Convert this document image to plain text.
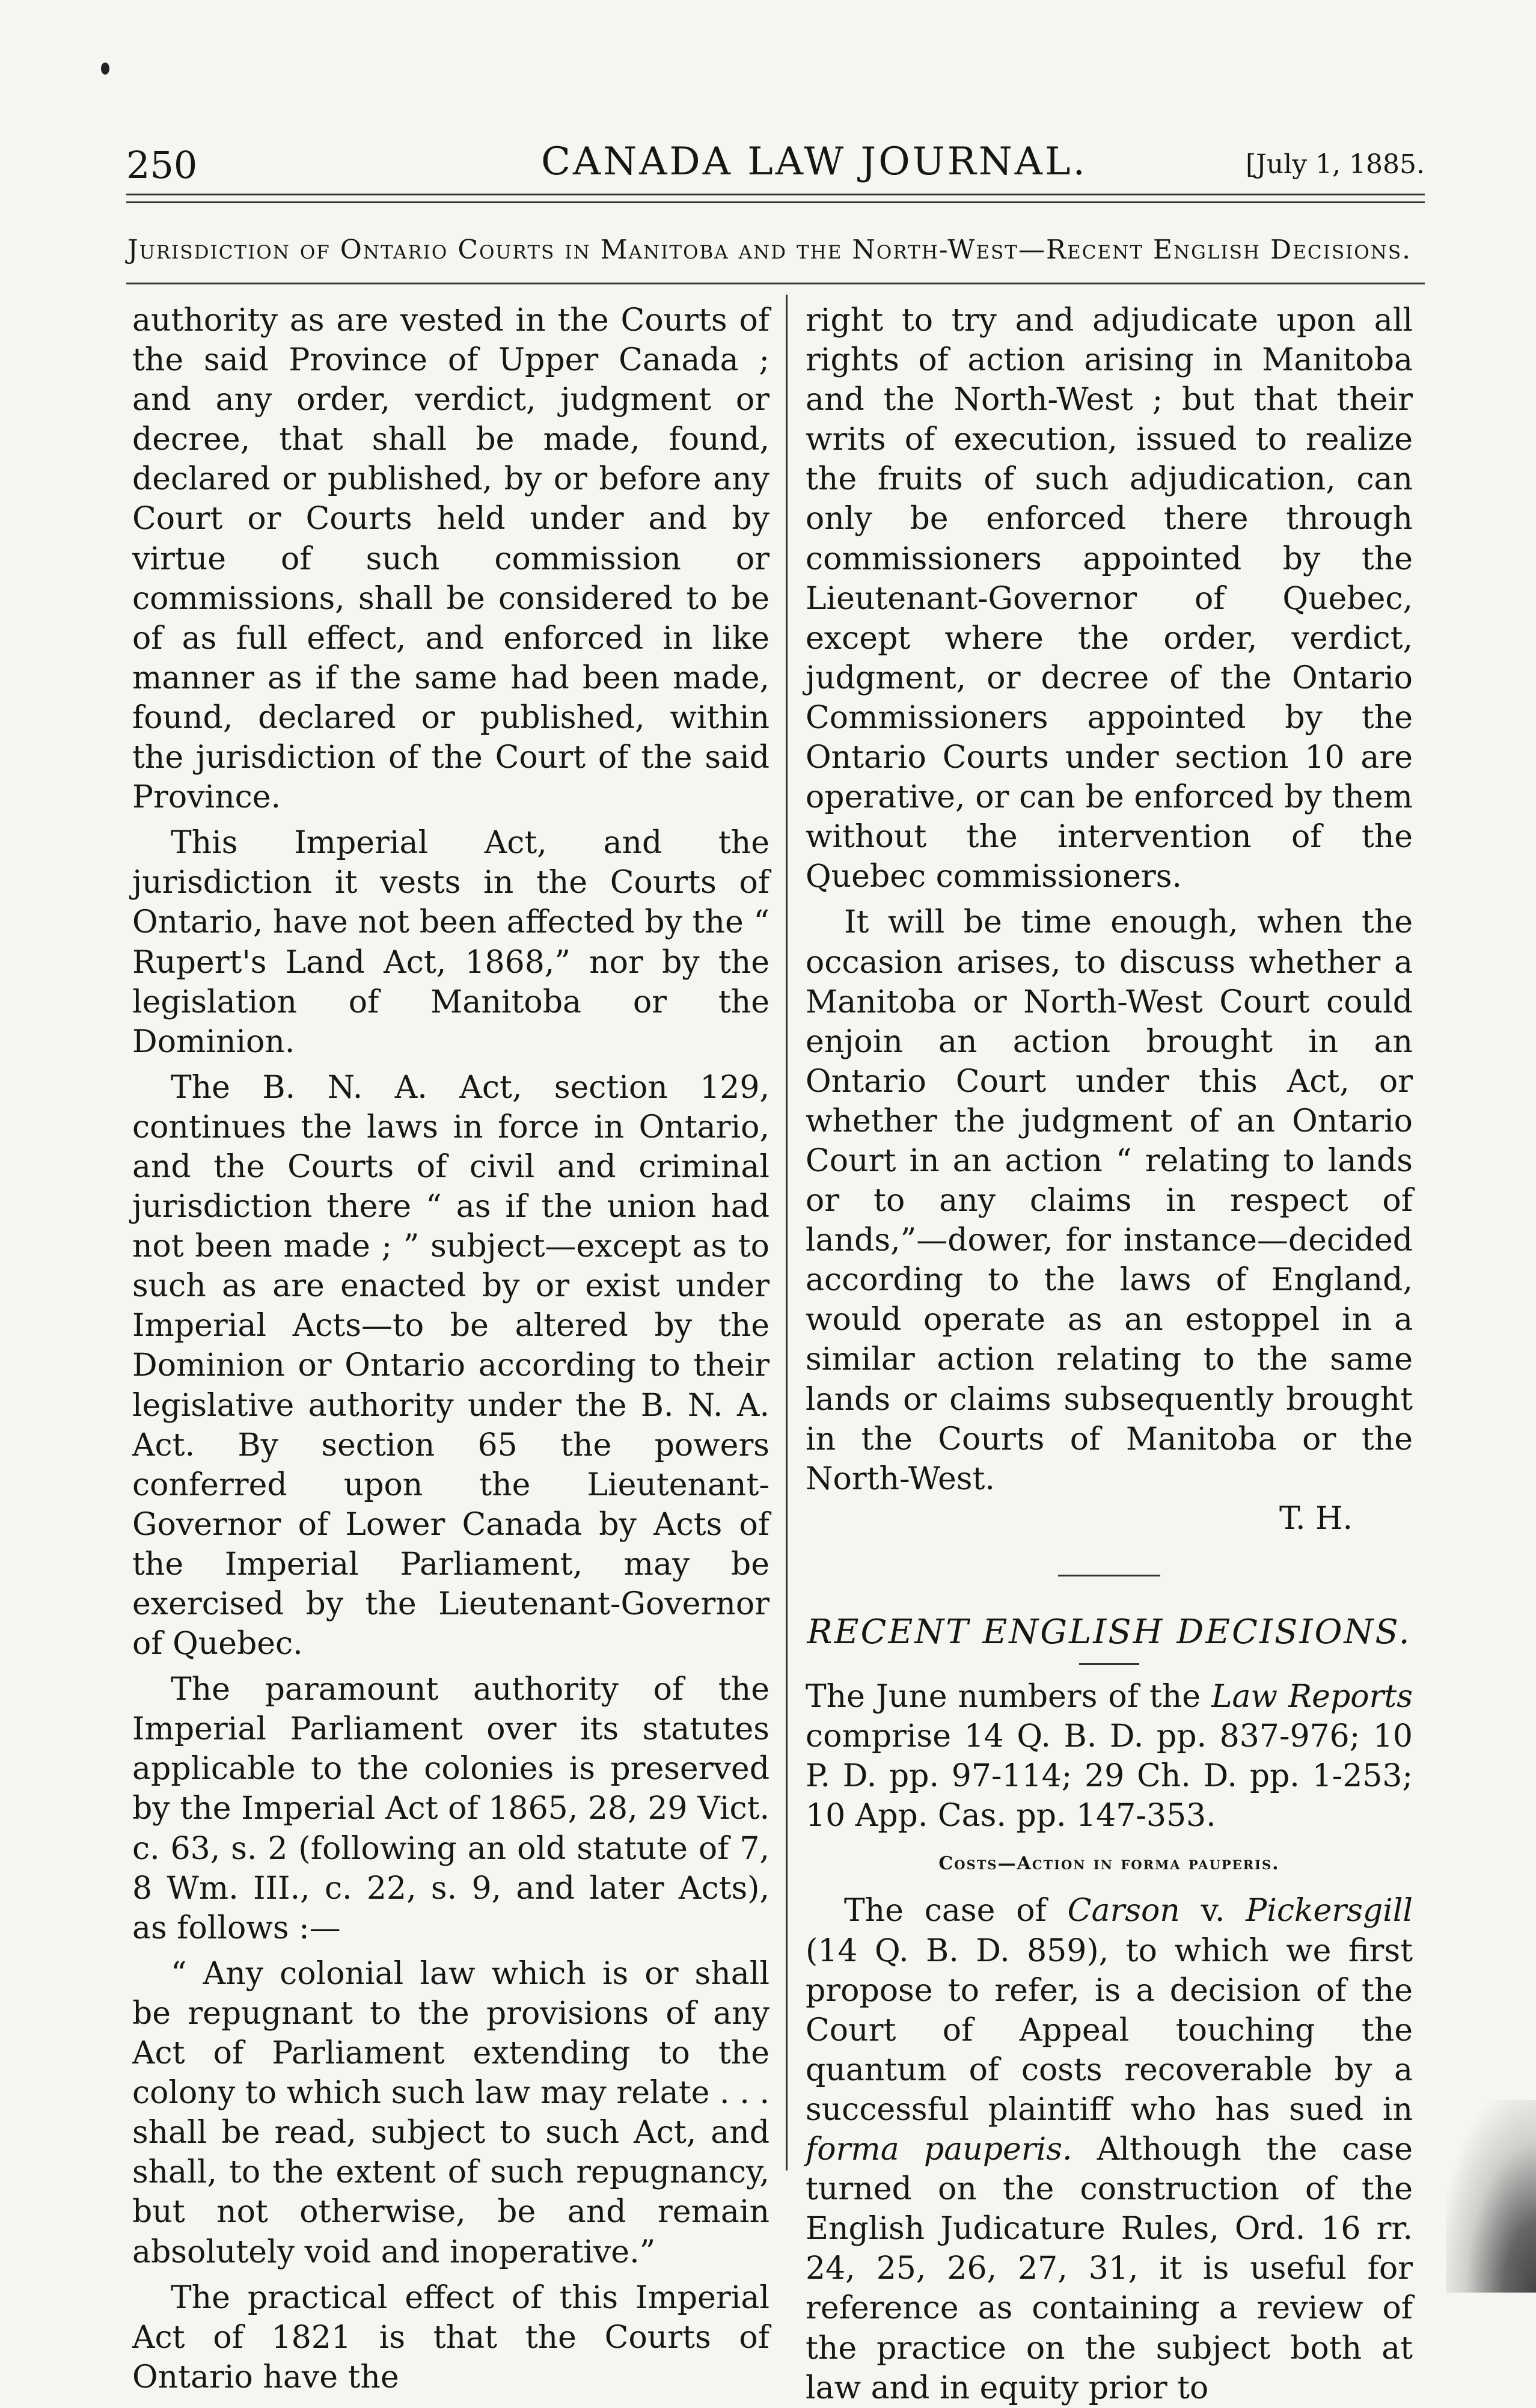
250	CANADA LAW JOURNAL.	[July 1, 1885.
Jurisdiction of Ontario Courts in Manitoba and the North-West—Recent English Decisions.

authority as are vested in the Courts of the said Province of Upper Canada ; and any order, verdict, judgment or decree, that shall be made, found, declared or published, by or before any Court or Courts held under and by virtue of such commission or commissions, shall be considered to be of as full effect, and enforced in like manner as if the same had been made, found, declared or published, within the jurisdiction of the Court of the said Province.

This Imperial Act, and the jurisdiction it vests in the Courts of Ontario, have not been affected by the “ Rupert's Land Act, 1868,” nor by the legislation of Manitoba or the Dominion.

The B. N. A. Act, section 129, continues the laws in force in Ontario, and the Courts of civil and criminal jurisdiction there “ as if the union had not been made ; ” subject—except as to such as are enacted by or exist under Imperial Acts—to be altered by the Dominion or Ontario according to their legislative authority under the B. N. A. Act. By section 65 the powers conferred upon the Lieutenant-Governor of Lower Canada by Acts of the Imperial Parliament, may be exercised by the Lieutenant-Governor of Quebec.

The paramount authority of the Imperial Parliament over its statutes applicable to the colonies is preserved by the Imperial Act of 1865, 28, 29 Vict. c. 63, s. 2 (following an old statute of 7, 8 Wm. III., c. 22, s. 9, and later Acts), as follows :—

“ Any colonial law which is or shall be repugnant to the provisions of any Act of Parliament extending to the colony to which such law may relate . . . shall be read, subject to such Act, and shall, to the extent of such repugnancy, but not otherwise, be and remain absolutely void and inoperative.”

The practical effect of this Imperial Act of 1821 is that the Courts of Ontario have the

right to try and adjudicate upon all rights of action arising in Manitoba and the North-West ; but that their writs of execution, issued to realize the fruits of such adjudication, can only be enforced there through commissioners appointed by the Lieutenant-Governor of Quebec, except where the order, verdict, judgment, or decree of the Ontario Commissioners appointed by the Ontario Courts under section 10 are operative, or can be enforced by them without the intervention of the Quebec commissioners.

It will be time enough, when the occasion arises, to discuss whether a Manitoba or North-West Court could enjoin an action brought in an Ontario Court under this Act, or whether the judgment of an Ontario Court in an action “ relating to lands or to any claims in respect of lands,”—dower, for instance—decided according to the laws of England, would operate as an estoppel in a similar action relating to the same lands or claims subsequently brought in the Courts of Manitoba or the North-West.

T. H.

RECENT ENGLISH DECISIONS.

The June numbers of the Law Reports comprise 14 Q. B. D. pp. 837-976; 10 P. D. pp. 97-114; 29 Ch. D. pp. 1-253; 10 App. Cas. pp. 147-353.

Costs—Action in forma pauperis.

The case of Carson v. Pickersgill (14 Q. B. D. 859), to which we first propose to refer, is a decision of the Court of Appeal touching the quantum of costs recoverable by a successful plaintiff who has sued in forma pauperis. Although the case turned on the construction of the English Judicature Rules, Ord. 16 rr. 24, 25, 26, 27, 31, it is useful for reference as containing a review of the practice on the subject both at law and in equity prior to
